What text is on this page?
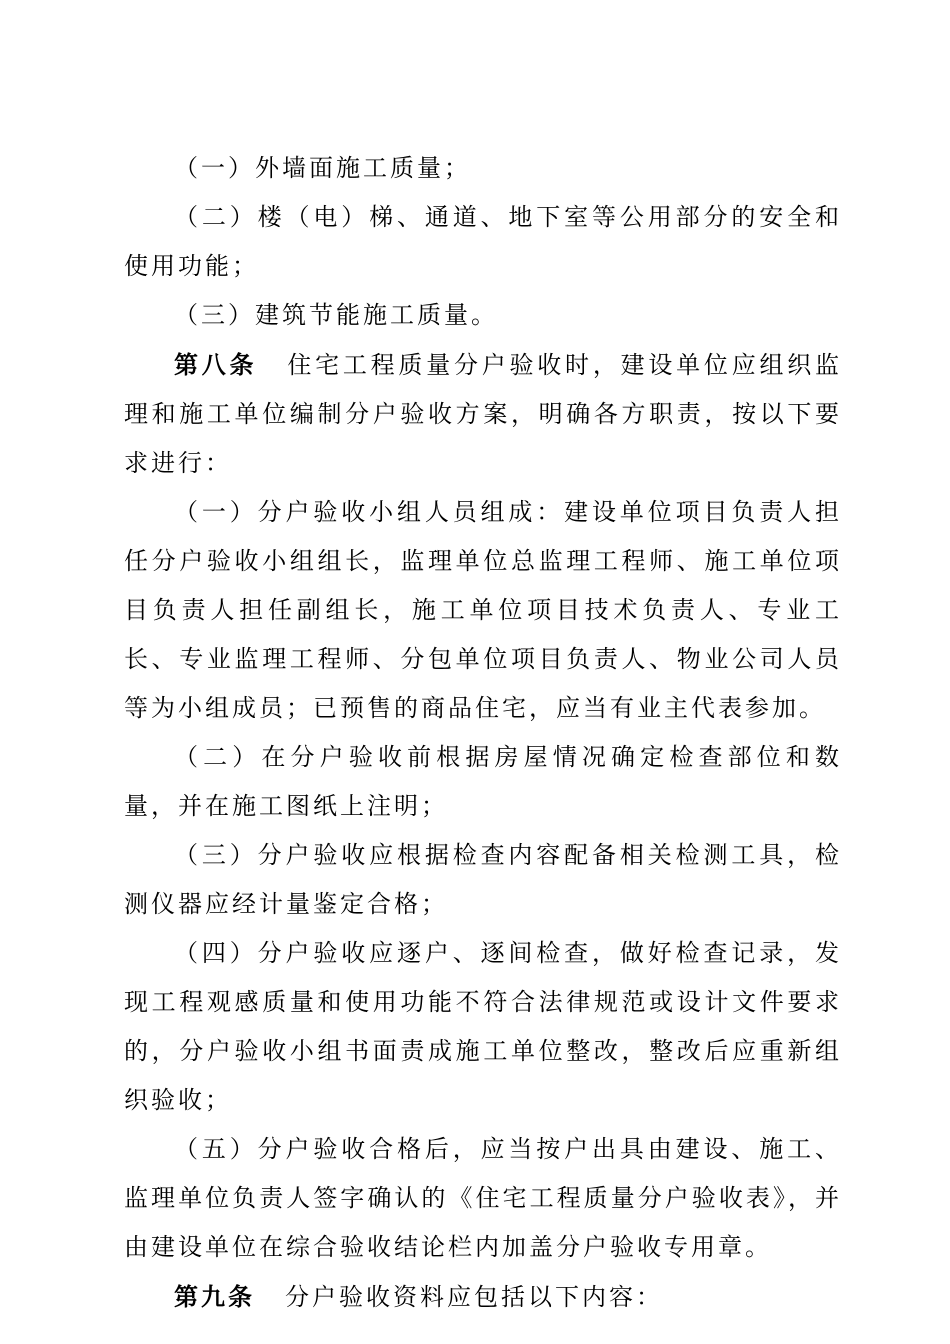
（一）外墙面施工质量；

（二）楼（电）梯、通道、地下室等公用部分的安全和使用功能；

（三）建筑节能施工质量。

第八条 住宅工程质量分户验收时，建设单位应组织监理和施工单位编制分户验收方案，明确各方职责，按以下要求进行：

（一）分户验收小组人员组成：建设单位项目负责人担任分户验收小组组长，监理单位总监理工程师、施工单位项目负责人担任副组长，施工单位项目技术负责人、专业工长、专业监理工程师、分包单位项目负责人、物业公司人员等为小组成员；已预售的商品住宅，应当有业主代表参加。

（二）在分户验收前根据房屋情况确定检查部位和数量，并在施工图纸上注明；

（三）分户验收应根据检查内容配备相关检测工具，检测仪器应经计量鉴定合格；

（四）分户验收应逐户、逐间检查，做好检查记录，发现工程观感质量和使用功能不符合法律规范或设计文件要求的，分户验收小组书面责成施工单位整改，整改后应重新组织验收；

（五）分户验收合格后，应当按户出具由建设、施工、监理单位负责人签字确认的《住宅工程质量分户验收表》，并由建设单位在综合验收结论栏内加盖分户验收专用章。

第九条 分户验收资料应包括以下内容：
